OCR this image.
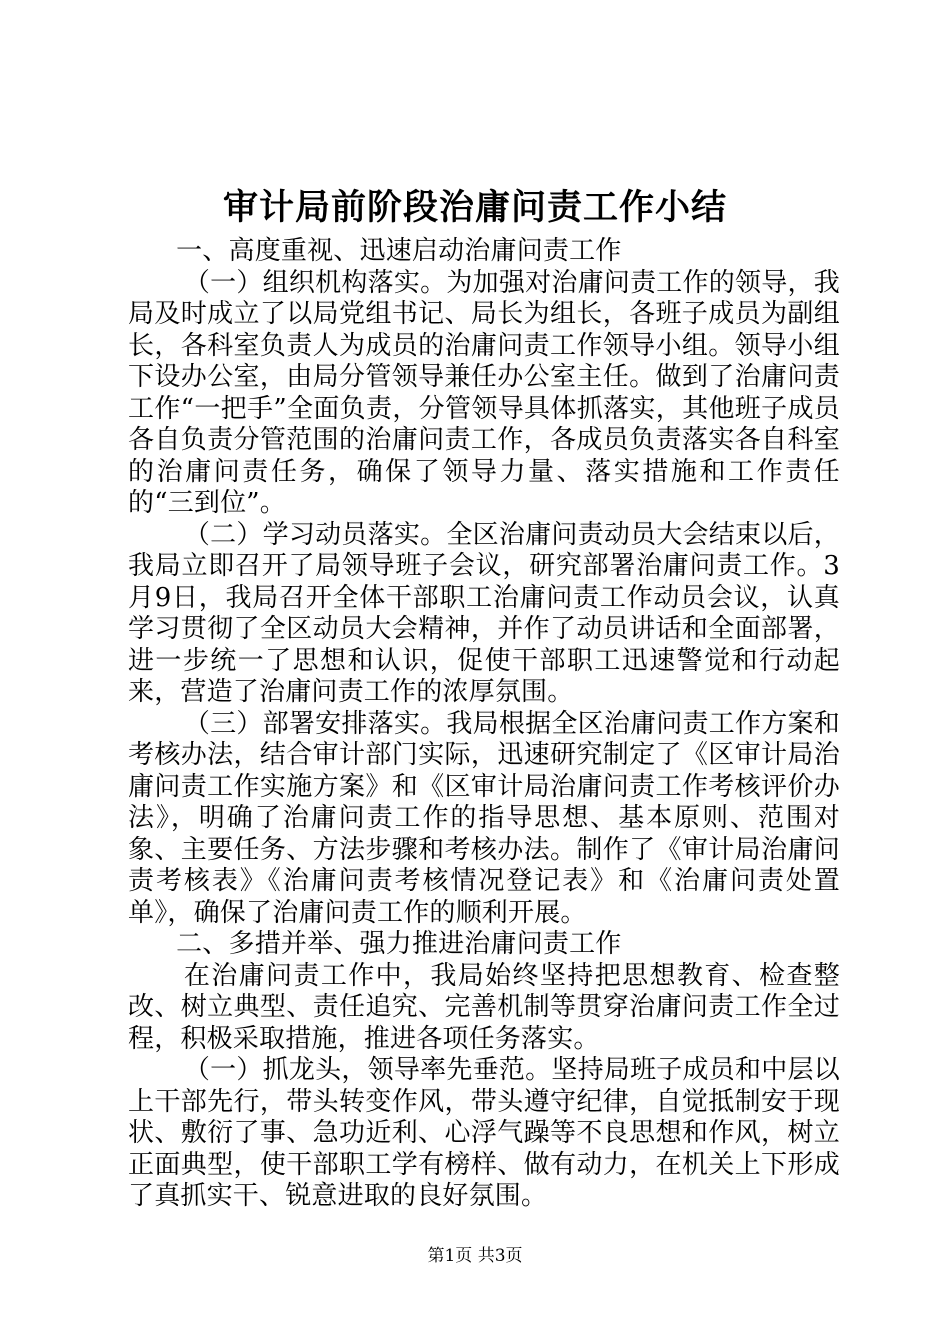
审计局前阶段治庸问责工作小结

一、高度重视、迅速启动治庸问责工作

（一）组织机构落实。为加强对治庸问责工作的领导，我局及时成立了以局党组书记、局长为组长，各班子成员为副组长，各科室负责人为成员的治庸问责工作领导小组。领导小组下设办公室，由局分管领导兼任办公室主任。做到了治庸问责工作“一把手”全面负责，分管领导具体抓落实，其他班子成员各自负责分管范围的治庸问责工作，各成员负责落实各自科室的治庸问责任务，确保了领导力量、落实措施和工作责任的“三到位”。

（二）学习动员落实。全区治庸问责动员大会结束以后，我局立即召开了局领导班子会议，研究部署治庸问责工作。3月9日，我局召开全体干部职工治庸问责工作动员会议，认真学习贯彻了全区动员大会精神，并作了动员讲话和全面部署，进一步统一了思想和认识，促使干部职工迅速警觉和行动起来，营造了治庸问责工作的浓厚氛围。

（三）部署安排落实。我局根据全区治庸问责工作方案和考核办法，结合审计部门实际，迅速研究制定了《区审计局治庸问责工作实施方案》和《区审计局治庸问责工作考核评价办法》，明确了治庸问责工作的指导思想、基本原则、范围对象、主要任务、方法步骤和考核办法。制作了《审计局治庸问责考核表》《治庸问责考核情况登记表》和《治庸问责处置单》，确保了治庸问责工作的顺利开展。

二、多措并举、强力推进治庸问责工作

在治庸问责工作中，我局始终坚持把思想教育、检查整改、树立典型、责任追究、完善机制等贯穿治庸问责工作全过程，积极采取措施，推进各项任务落实。

（一）抓龙头，领导率先垂范。坚持局班子成员和中层以上干部先行，带头转变作风，带头遵守纪律，自觉抵制安于现状、敷衍了事、急功近利、心浮气躁等不良思想和作风，树立正面典型，使干部职工学有榜样、做有动力，在机关上下形成了真抓实干、锐意进取的良好氛围。

第1页 共3页
